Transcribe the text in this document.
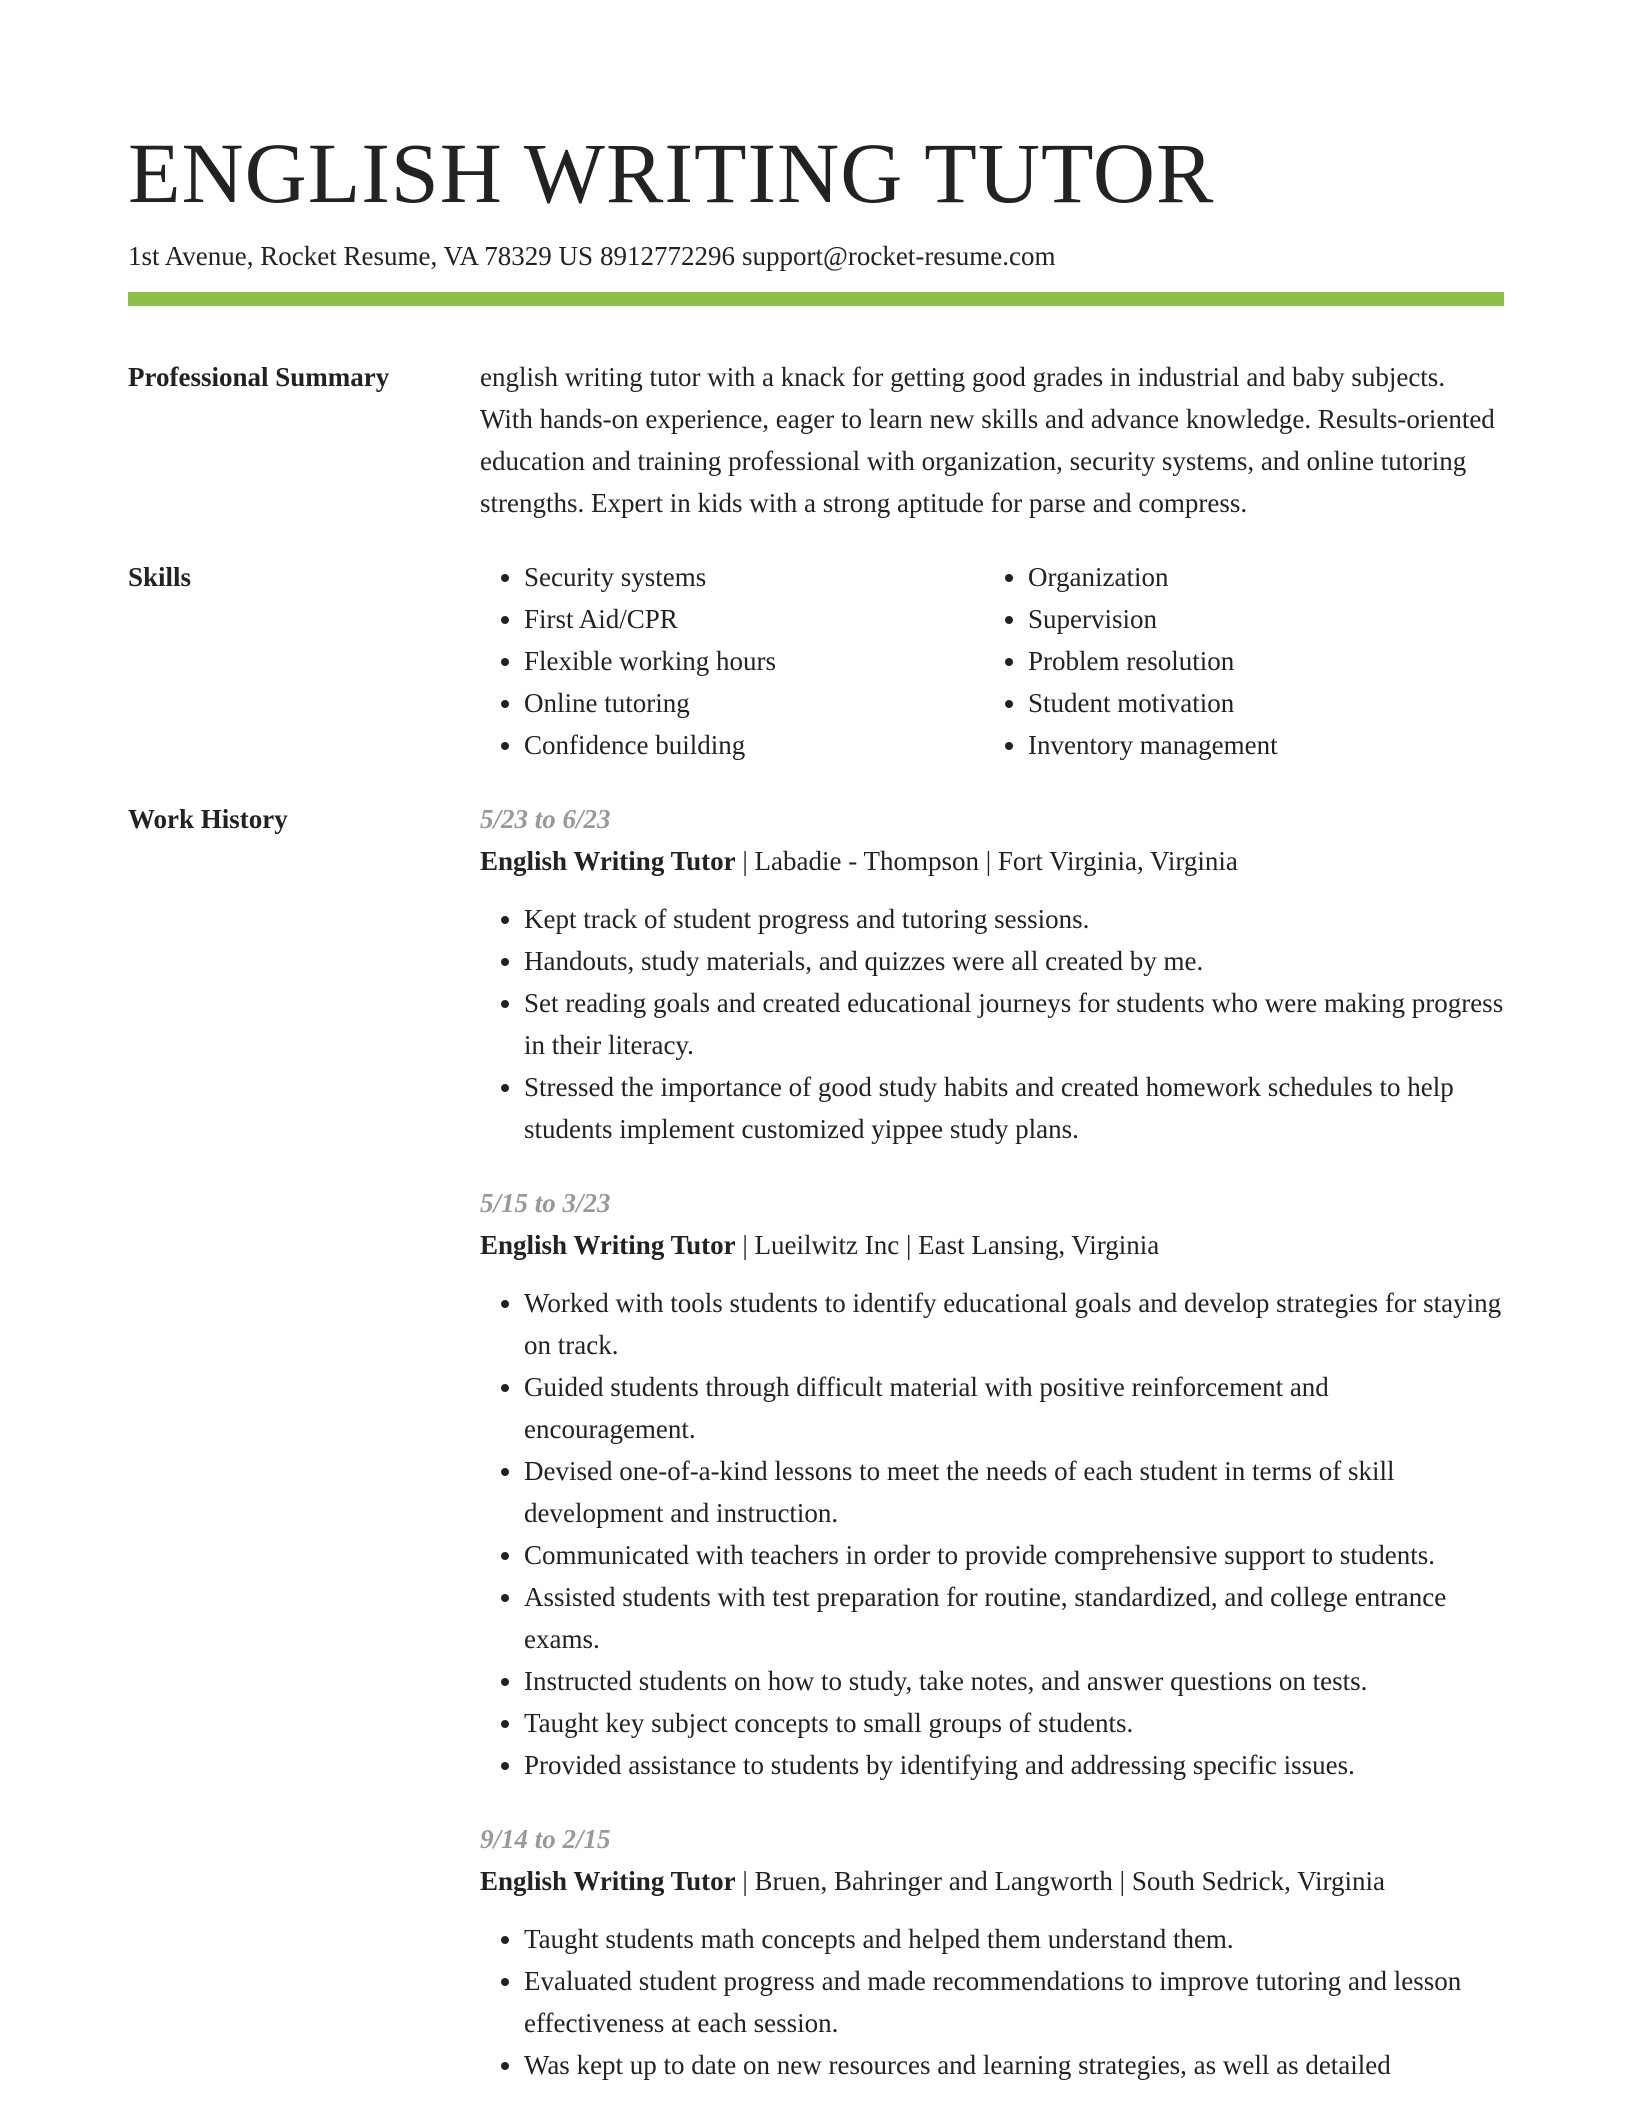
ENGLISH WRITING TUTOR
1st Avenue, Rocket Resume, VA 78329 US 8912772296 support@rocket-resume.com
Professional Summary	english writing tutor with a knack for getting good grades in industrial and baby subjects. With hands-on experience, eager to learn new skills and advance knowledge. Results-oriented education and training professional with organization, security systems, and online tutoring strengths. Expert in kids with a strong aptitude for parse and compress.

Skills
•	Security systems
• First Aid/CPR
• Flexible working hours
• Online tutoring
• Confidence building
• Organization
• Supervision
• Problem resolution
• Student motivation
• Inventory management
Work History	5/23 to 6/23
English Writing Tutor | Labadie - Thompson | Fort Virginia, Virginia
• Kept track of student progress and tutoring sessions.
• Handouts, study materials, and quizzes were all created by me.
• Set reading goals and created educational journeys for students who were making progress in their literacy.
• Stressed the importance of good study habits and created homework schedules to help students implement customized yippee study plans.
5/15 to 3/23
English Writing Tutor | Lueilwitz Inc | East Lansing, Virginia
• Worked with tools students to identify educational goals and develop strategies for staying on track.
• Guided students through difficult material with positive reinforcement and encouragement.
• Devised one-of-a-kind lessons to meet the needs of each student in terms of skill development and instruction.
• Communicated with teachers in order to provide comprehensive support to students.
• Assisted students with test preparation for routine, standardized, and college entrance exams.
• Instructed students on how to study, take notes, and answer questions on tests.
• Taught key subject concepts to small groups of students.
• Provided assistance to students by identifying and addressing specific issues.
9/14 to 2/15
English Writing Tutor | Bruen, Bahringer and Langworth | South Sedrick, Virginia
• Taught students math concepts and helped them understand them.
• Evaluated student progress and made recommendations to improve tutoring and lesson effectiveness at each session.
• Was kept up to date on new resources and learning strategies, as well as detailed
